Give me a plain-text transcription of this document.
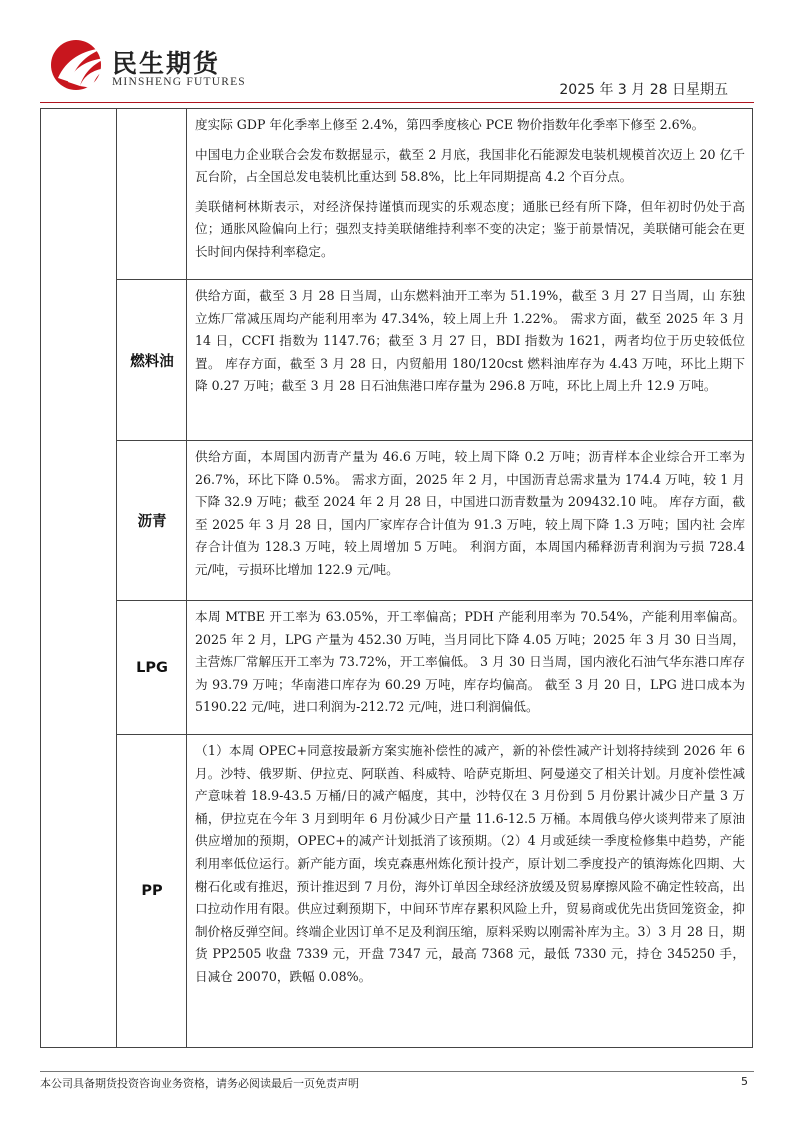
民生期货
MINSHENG FUTURES	2025 年 3 月 28 日星期五

度实际 GDP 年化季率上修至 2.4%，第四季度核心 PCE 物价指数年化季率下修至 2.6%。

中国电力企业联合会发布数据显示，截至 2 月底，我国非化石能源发电装机规模首次迈上 20 亿千瓦台阶，占全国总发电装机比重达到 58.8%，比上年同期提高 4.2 个百分点。

美联储柯林斯表示，对经济保持谨慎而现实的乐观态度；通胀已经有所下降，但年初时仍处于高位；通胀风险偏向上行；强烈支持美联储维持利率不变的决定；鉴于前景情况，美联储可能会在更长时间内保持利率稳定。

燃料油

供给方面，截至 3 月 28 日当周，山东燃料油开工率为 51.19%，截至 3 月 27 日当周，山 东独立炼厂常减压周均产能利用率为 47.34%，较上周上升 1.22%。 需求方面，截至 2025 年 3 月 14 日，CCFI 指数为 1147.76；截至 3 月 27 日，BDI 指数为 1621，两者均位于历史较低位置。 库存方面，截至 3 月 28 日，内贸船用 180/120cst 燃料油库存为 4.43 万吨，环比上期下 降 0.27 万吨；截至 3 月 28 日石油焦港口库存量为 296.8 万吨，环比上周上升 12.9 万吨。

沥青

供给方面，本周国内沥青产量为 46.6 万吨，较上周下降 0.2 万吨；沥青样本企业综合开工率为 26.7%，环比下降 0.5%。 需求方面，2025 年 2 月，中国沥青总需求量为 174.4 万吨，较 1 月下降 32.9 万吨；截至 2024 年 2 月 28 日，中国进口沥青数量为 209432.10 吨。 库存方面，截至 2025 年 3 月 28 日，国内厂家库存合计值为 91.3 万吨，较上周下降 1.3 万吨；国内社 会库存合计值为 128.3 万吨，较上周增加 5 万吨。 利润方面，本周国内稀释沥青利润为亏损 728.4 元/吨，亏损环比增加 122.9 元/吨。

LPG

本周 MTBE 开工率为 63.05%，开工率偏高；PDH 产能利用率为 70.54%，产能利用率偏高。 2025 年 2 月，LPG 产量为 452.30 万吨，当月同比下降 4.05 万吨；2025 年 3 月 30 日当周，主营炼厂常解压开工率为 73.72%，开工率偏低。 3 月 30 日当周，国内液化石油气华东港口库存为 93.79 万吨；华南港口库存为 60.29 万吨，库存均偏高。 截至 3 月 20 日，LPG 进口成本为 5190.22 元/吨，进口利润为-212.72 元/吨，进口利润偏低。

PP

（1）本周 OPEC+同意按最新方案实施补偿性的减产，新的补偿性减产计划将持续到 2026 年 6 月。沙特、俄罗斯、伊拉克、阿联酋、科威特、哈萨克斯坦、阿曼递交了相关计划。月度补偿性减产意味着 18.9-43.5 万桶/日的减产幅度，其中，沙特仅在 3 月份到 5 月份累计减少日产量 3 万桶，伊拉克在今年 3 月到明年 6 月份减少日产量 11.6-12.5 万桶。本周俄乌停火谈判带来了原油供应增加的预期，OPEC+的减产计划抵消了该预期。（2）4 月或延续一季度检修集中趋势，产能利用率低位运行。新产能方面，埃克森惠州炼化预计投产，原计划二季度投产的镇海炼化四期、大榭石化或有推迟，预计推迟到 7 月份，海外订单因全球经济放缓及贸易摩擦风险不确定性较高，出口拉动作用有限。供应过剩预期下，中间环节库存累积风险上升，贸易商或优先出货回笼资金，抑制价格反弹空间。终端企业因订单不足及利润压缩，原料采购以刚需补库为主。3）3 月 28 日，期货 PP2505 收盘 7339 元，开盘 7347 元，最高 7368 元，最低 7330 元，持仓 345250 手，日减仓 20070，跌幅 0.08%。

本公司具备期货投资咨询业务资格，请务必阅读最后一页免责声明	5
